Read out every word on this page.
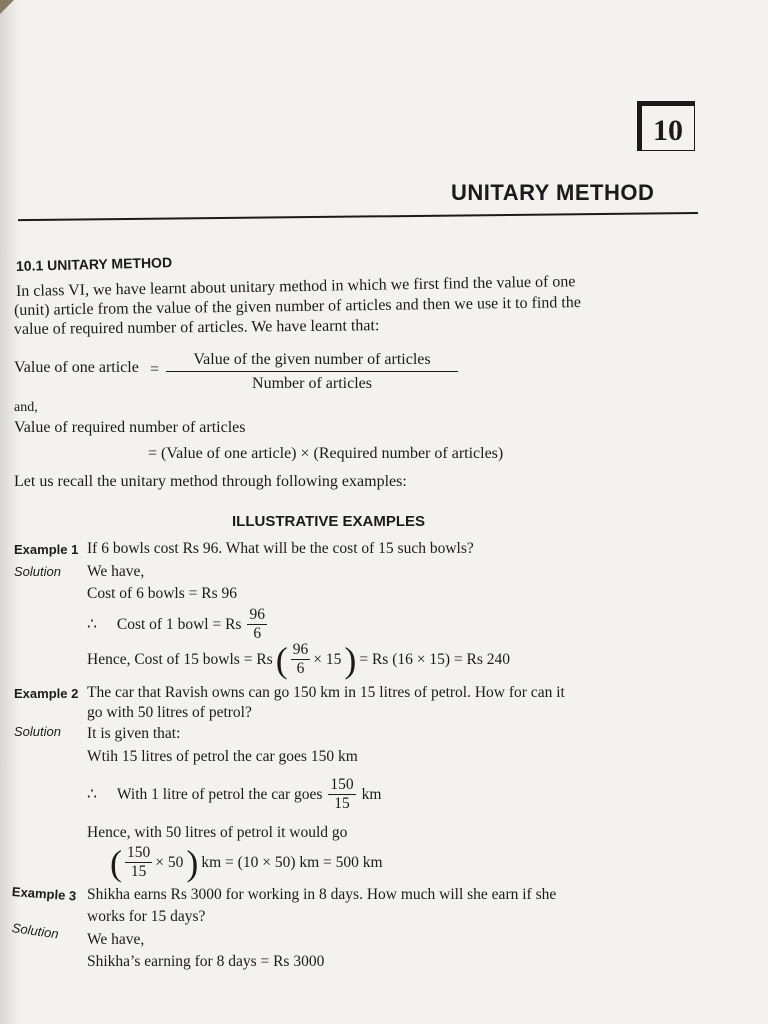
10
UNITARY METHOD
10.1 UNITARY METHOD
In class VI, we have learnt about unitary method in which we first find the value of one
(unit) article from the value of the given number of articles and then we use it to find the
value of required number of articles. We have learnt that:
Value of one article = $\frac{\text{Value of the given number of articles}}{\text{Number of articles}}$
and,
Value of required number of articles
= (Value of one article) × (Required number of articles)
Let us recall the unitary method through following examples:
ILLUSTRATIVE EXAMPLES
Example 1 If 6 bowls cost Rs 96. What will be the cost of 15 such bowls?
Solution We have,
Cost of 6 bowls = Rs 96
∴ Cost of 1 bowl = Rs $\frac{96}{6}$
Hence, Cost of 15 bowls = Rs ( $\frac{96}{6} \times 15$ ) = Rs (16 × 15) = Rs 240
Example 2 The car that Ravish owns can go 150 km in 15 litres of petrol. How for can it
go with 50 litres of petrol?
Solution It is given that:
Wtih 15 litres of petrol the car goes 150 km
∴ With 1 litre of petrol the car goes $\frac{150}{15}$ km
Hence, with 50 litres of petrol it would go
( $\frac{150}{15} \times 50$ ) km = (10 × 50) km = 500 km
Example 3 Shikha earns Rs 3000 for working in 8 days. How much will she earn if she
works for 15 days?
Solution We have,
Shikha’s earning for 8 days = Rs 3000
